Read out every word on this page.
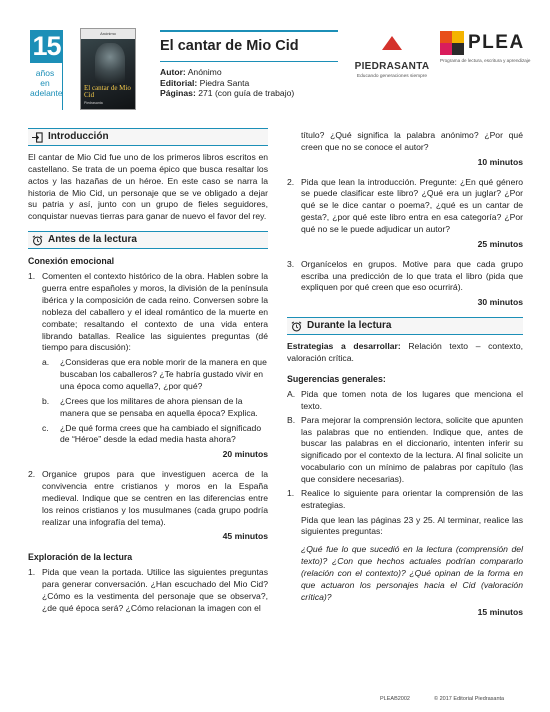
15
años en adelante
Anónimo
El cantar de Mio Cid
Piedrasanta
El cantar de Mio Cid
Autor: Anónimo
Editorial: Piedra Santa
Páginas: 271 (con guía de trabajo)
PIEDRASANTA
Educando generaciones siempre
PLEA
Programa de lectura, escritura y aprendizaje
Introducción

El cantar de Mio Cid fue uno de los primeros libros escritos en castellano. Se trata de un poema épico que busca resaltar los actos y las hazañas de un héroe. En este caso se narra la historia de Mio Cid, un personaje que se ve obligado a dejar su patria y así, junto con un grupo de fieles seguidores, conquistar nuevas tierras para ganar de nuevo el favor del rey.

Antes de la lectura
Conexión emocional
1. Comenten el contexto histórico de la obra. Hablen sobre la guerra entre españoles y moros, la división de la península ibérica y la composición de cada reino. Conversen sobre la nobleza del caballero y el ideal romántico de la muerte en combate; resaltando el contexto de una vida entera librando batallas. Realice las siguientes preguntas (dé tiempo para discusión):
a.	¿Consideras que era noble morir de la manera en que buscaban los caballeros? ¿Te habría gustado vivir en una época como aquella?, ¿por qué?
b.	¿Crees que los militares de ahora piensan de la manera que se pensaba en aquella época? Explica.
c.	¿De qué forma crees que ha cambiado el significado de “Héroe” desde la edad media hasta ahora?
20 minutos
2. Organice grupos para que investiguen acerca de la convivencia entre cristianos y moros en la España medieval. Indique que se centren en las diferencias entre los reinos cristianos y los musulmanes (cada grupo podría realizar una infografía del tema).
45 minutos
Exploración de la lectura
1. Pida que vean la portada. Utilice las siguientes preguntas para generar conversación. ¿Han escuchado del Mio Cid? ¿Cómo es la vestimenta del personaje que se observa?, ¿de qué época será? ¿Cómo relacionan la imagen con el

título? ¿Qué significa la palabra anónimo? ¿Por qué creen que no se conoce el autor?

10 minutos
2. Pida que lean la introducción. Pregunte: ¿En qué género se puede clasificar este libro? ¿Qué era un juglar? ¿Por qué se le dice cantar o poema?, ¿qué es un cantar de gesta?, ¿por qué este libro entra en esa categoría? ¿Por qué no se le puede adjudicar un autor?
25 minutos
3. Organícelos en grupos. Motive para que cada grupo escriba una predicción de lo que trata el libro (pida que expliquen por qué creen que eso ocurrirá).
30 minutos
Durante la lectura

Estrategias a desarrollar: Relación texto – contexto, valoración crítica.

Sugerencias generales:
A. Pida que tomen nota de los lugares que menciona el texto.
B. Para mejorar la comprensión lectora, solicite que apunten las palabras que no entienden. Indique que, antes de buscar las palabras en el diccionario, intenten inferir su significado por el contexto de la lectura. Al final solicite un vocabulario con un mínimo de palabras por capítulo (las que considere necesarias).
1. Realice lo siguiente para orientar la comprensión de las estrategias.

Pida que lean las páginas 23 y 25. Al terminar, realice las siguientes preguntas:

¿Qué fue lo que sucedió en la lectura (comprensión del texto)? ¿Con que hechos actuales podrían compararlo (relación con el contexto)? ¿Qué opinan de la forma en que actuaron los personajes hacia el Cid (valoración crítica)?

15 minutos
PLEAB2002	© 2017 Editorial Piedrasanta
